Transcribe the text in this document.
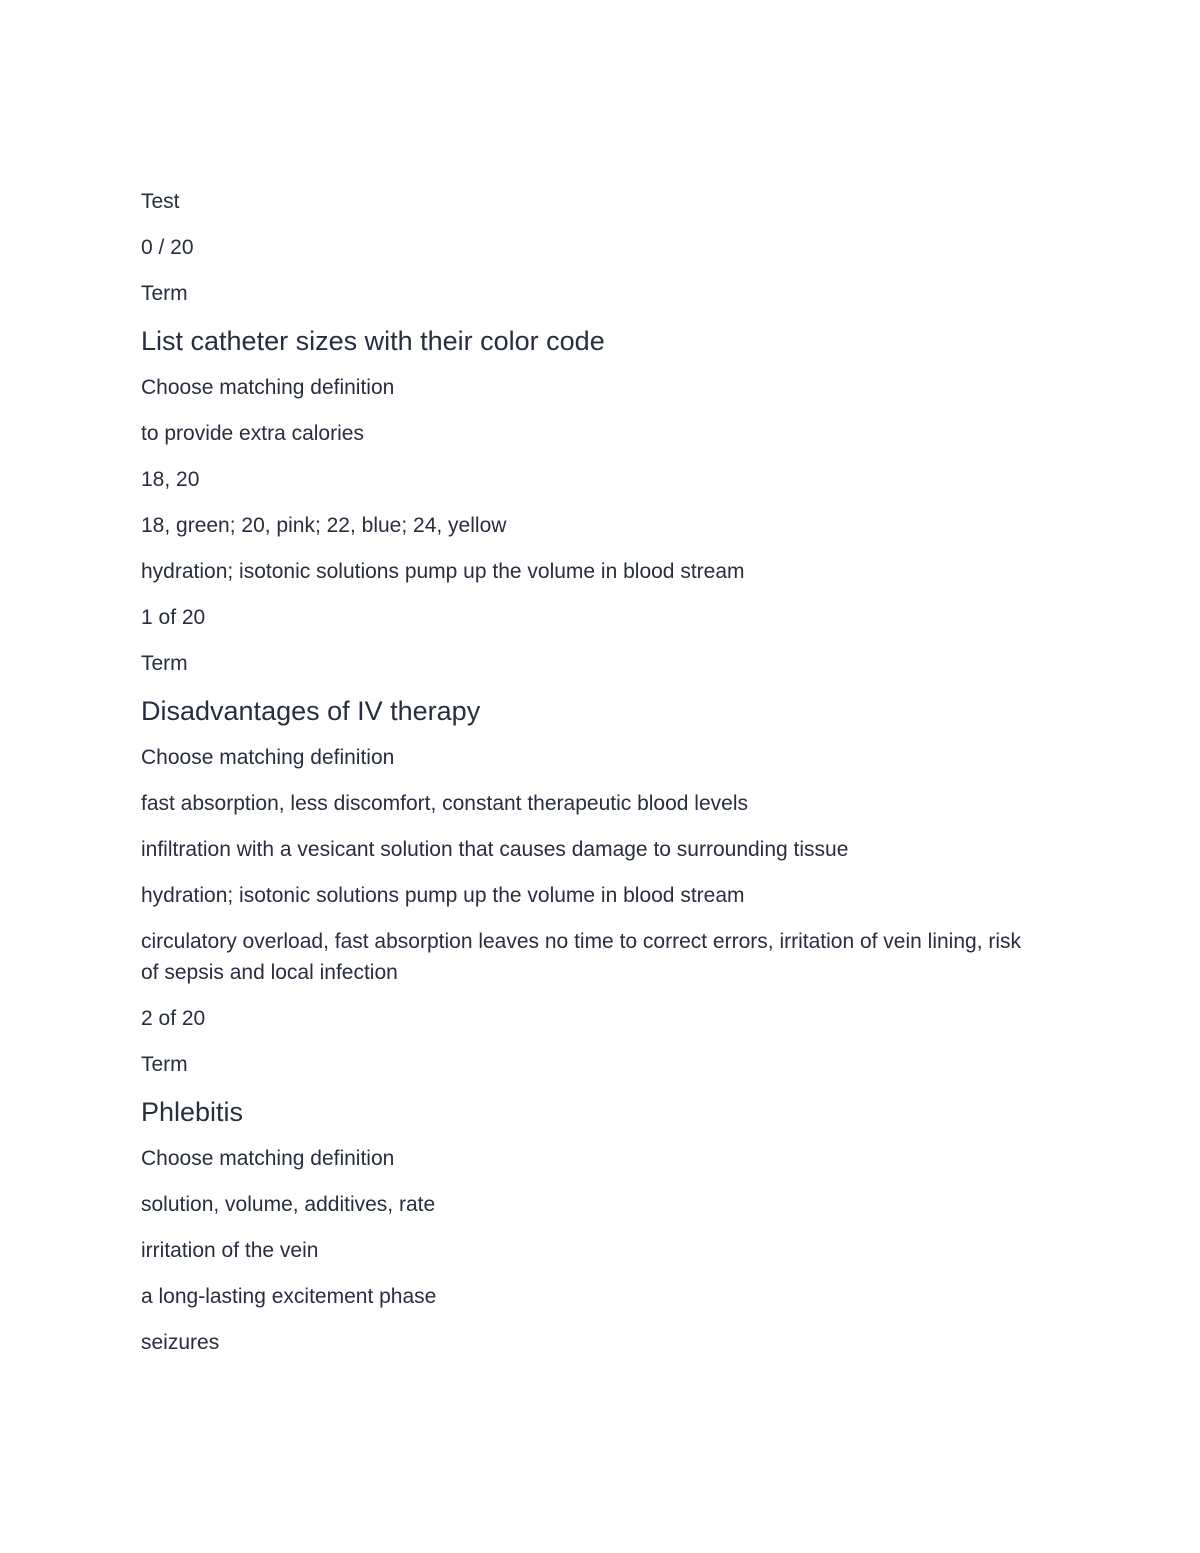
Test
0 / 20
Term
List catheter sizes with their color code
Choose matching definition
to provide extra calories
18, 20
18, green; 20, pink; 22, blue; 24, yellow
hydration; isotonic solutions pump up the volume in blood stream
1 of 20
Term
Disadvantages of IV therapy
Choose matching definition
fast absorption, less discomfort, constant therapeutic blood levels
infiltration with a vesicant solution that causes damage to surrounding tissue
hydration; isotonic solutions pump up the volume in blood stream
circulatory overload, fast absorption leaves no time to correct errors, irritation of vein lining, risk of sepsis and local infection
2 of 20
Term
Phlebitis
Choose matching definition
solution, volume, additives, rate
irritation of the vein
a long-lasting excitement phase
seizures
